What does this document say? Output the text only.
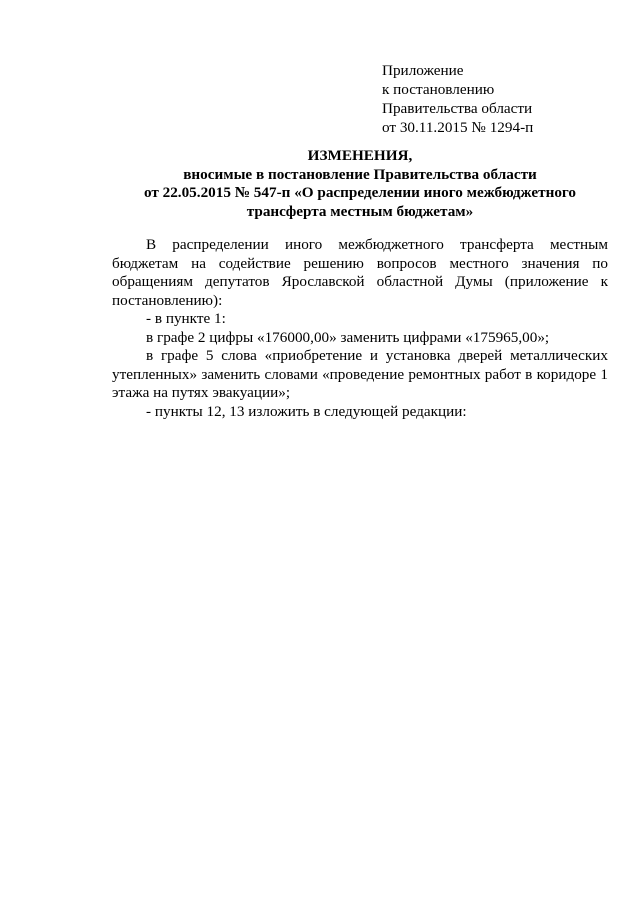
Приложение
к постановлению
Правительства области
от 30.11.2015 № 1294-п
ИЗМЕНЕНИЯ,
вносимые в постановление Правительства области
от 22.05.2015 № 547-п «О распределении иного межбюджетного
трансферта местным бюджетам»

В распределении иного межбюджетного трансферта местным бюджетам на содействие решению вопросов местного значения по обращениям депутатов Ярославской областной Думы (приложение к постановлению):

- в пункте 1:

в графе 2 цифры «176000,00» заменить цифрами «175965,00»;

в графе 5 слова «приобретение и установка дверей металлических утепленных» заменить словами «проведение ремонтных работ в коридоре 1 этажа на путях эвакуации»;

- пункты 12, 13 изложить в следующей редакции:
